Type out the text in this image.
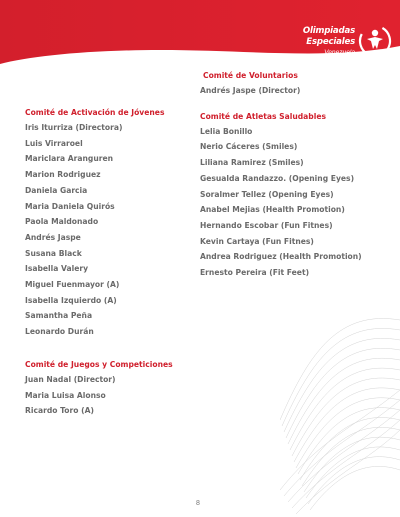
Olimpiadas
Especiales
Venezuela
Comité de Activación de Jóvenes
Iris Iturriza (Directora)
Luis Virraroel
Mariclara Aranguren
Marion Rodriguez
Daniela Garcia
Maria Daniela Quirós
Paola Maldonado
Andrés Jaspe
Susana Black
Isabella Valery
Miguel Fuenmayor (A)
Isabella Izquierdo (A)
Samantha Peña
Leonardo Durán
Comité de Juegos y Competiciones
Juan Nadal (Director)
Maria Luisa Alonso
Ricardo Toro (A)
Comité de Voluntarios
Andrés Jaspe (Director)
Comité de Atletas Saludables
Lelia Bonillo
Nerio Cáceres (Smiles)
Liliana Ramirez (Smiles)
Gesualda Randazzo. (Opening Eyes)
Soralmer Tellez (Opening Eyes)
Anabel Mejias (Health Promotion)
Hernando Escobar (Fun Fitnes)
Kevin Cartaya (Fun Fitnes)
Andrea Rodriguez (Health Promotion)
Ernesto Pereira (Fit Feet)
8
